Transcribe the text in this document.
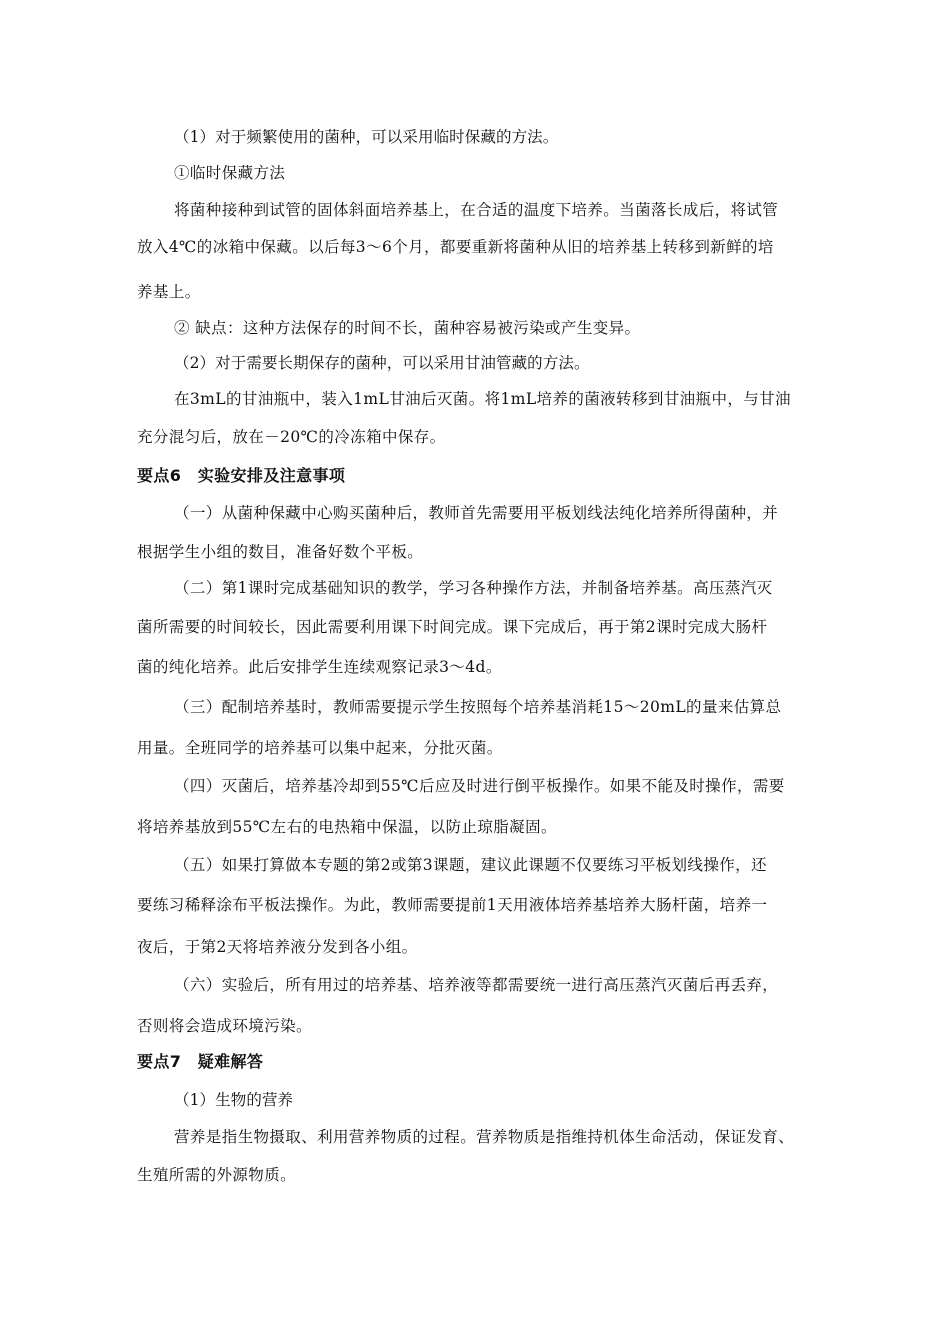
（1）对于频繁使用的菌种，可以采用临时保藏的方法。
①临时保藏方法
将菌种接种到试管的固体斜面培养基上，在合适的温度下培养。当菌落长成后，将试管
放入4℃的冰箱中保藏。以后每3～6个月，都要重新将菌种从旧的培养基上转移到新鲜的培
养基上。
② 缺点：这种方法保存的时间不长，菌种容易被污染或产生变异。
（2）对于需要长期保存的菌种，可以采用甘油管藏的方法。
在3mL的甘油瓶中，装入1mL甘油后灭菌。将1mL培养的菌液转移到甘油瓶中，与甘油
充分混匀后，放在－20℃的冷冻箱中保存。
要点6　实验安排及注意事项
（一）从菌种保藏中心购买菌种后，教师首先需要用平板划线法纯化培养所得菌种，并
根据学生小组的数目，准备好数个平板。
（二）第1课时完成基础知识的教学，学习各种操作方法，并制备培养基。高压蒸汽灭
菌所需要的时间较长，因此需要利用课下时间完成。课下完成后，再于第2课时完成大肠杆
菌的纯化培养。此后安排学生连续观察记录3～4d。
（三）配制培养基时，教师需要提示学生按照每个培养基消耗15～20mL的量来估算总
用量。全班同学的培养基可以集中起来，分批灭菌。
（四）灭菌后，培养基冷却到55℃后应及时进行倒平板操作。如果不能及时操作，需要
将培养基放到55℃左右的电热箱中保温，以防止琼脂凝固。
（五）如果打算做本专题的第2或第3课题，建议此课题不仅要练习平板划线操作，还
要练习稀释涂布平板法操作。为此，教师需要提前1天用液体培养基培养大肠杆菌，培养一
夜后，于第2天将培养液分发到各小组。
（六）实验后，所有用过的培养基、培养液等都需要统一进行高压蒸汽灭菌后再丢弃，
否则将会造成环境污染。
要点7　疑难解答
（1）生物的营养
营养是指生物摄取、利用营养物质的过程。营养物质是指维持机体生命活动，保证发育、
生殖所需的外源物质。
